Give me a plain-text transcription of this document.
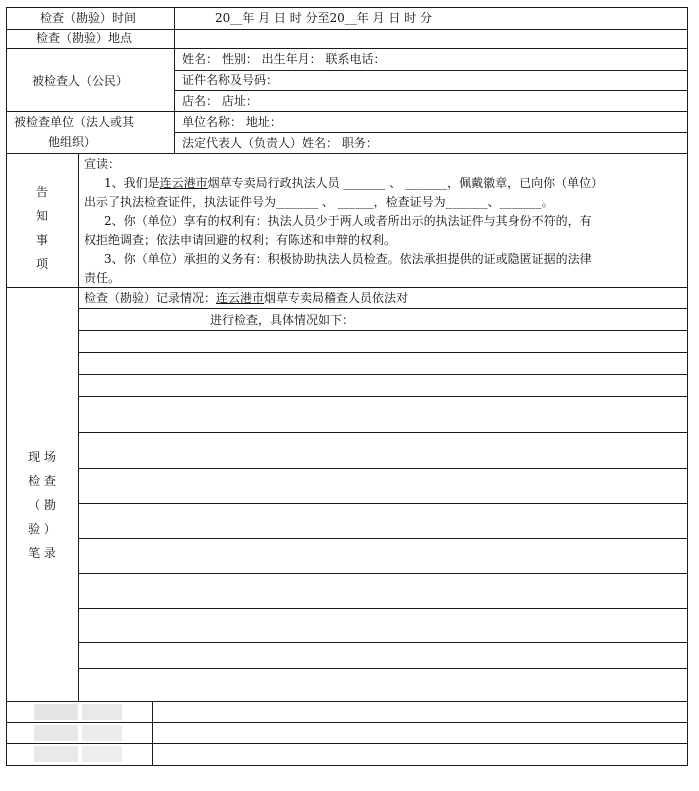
检查（勘验）时间	20__年 月 日 时 分至20__年 月 日 时 分
检查（勘验）地点
被检查人（公民）
姓名： 性别： 出生年月： 联系电话：
证件名称及号码：
店名： 店址：
被检查单位（法人或其
他组织）
单位名称： 地址：
法定代表人（负责人）姓名： 职务：
告
知
事
项
宣读：
1、我们是连云港市烟草专卖局行政执法人员 _______ 、 _______，佩戴徽章，已向你（单位）
出示了执法检查证件，执法证件号为_______ 、 ______，检查证号为_______、_______。
2、你（单位）享有的权利有：执法人员少于两人或者所出示的执法证件与其身份不符的，有
权拒绝调查；依法申请回避的权利；有陈述和申辩的权利。
3、你（单位）承担的义务有：积极协助执法人员检查。依法承担提供的证或隐匿证据的法律
责任。
现 场
检 查
（ 勘
验 ）
笔 录
检查（勘验）记录情况：连云港市烟草专卖局稽查人员依法对
进行检查，具体情况如下：
